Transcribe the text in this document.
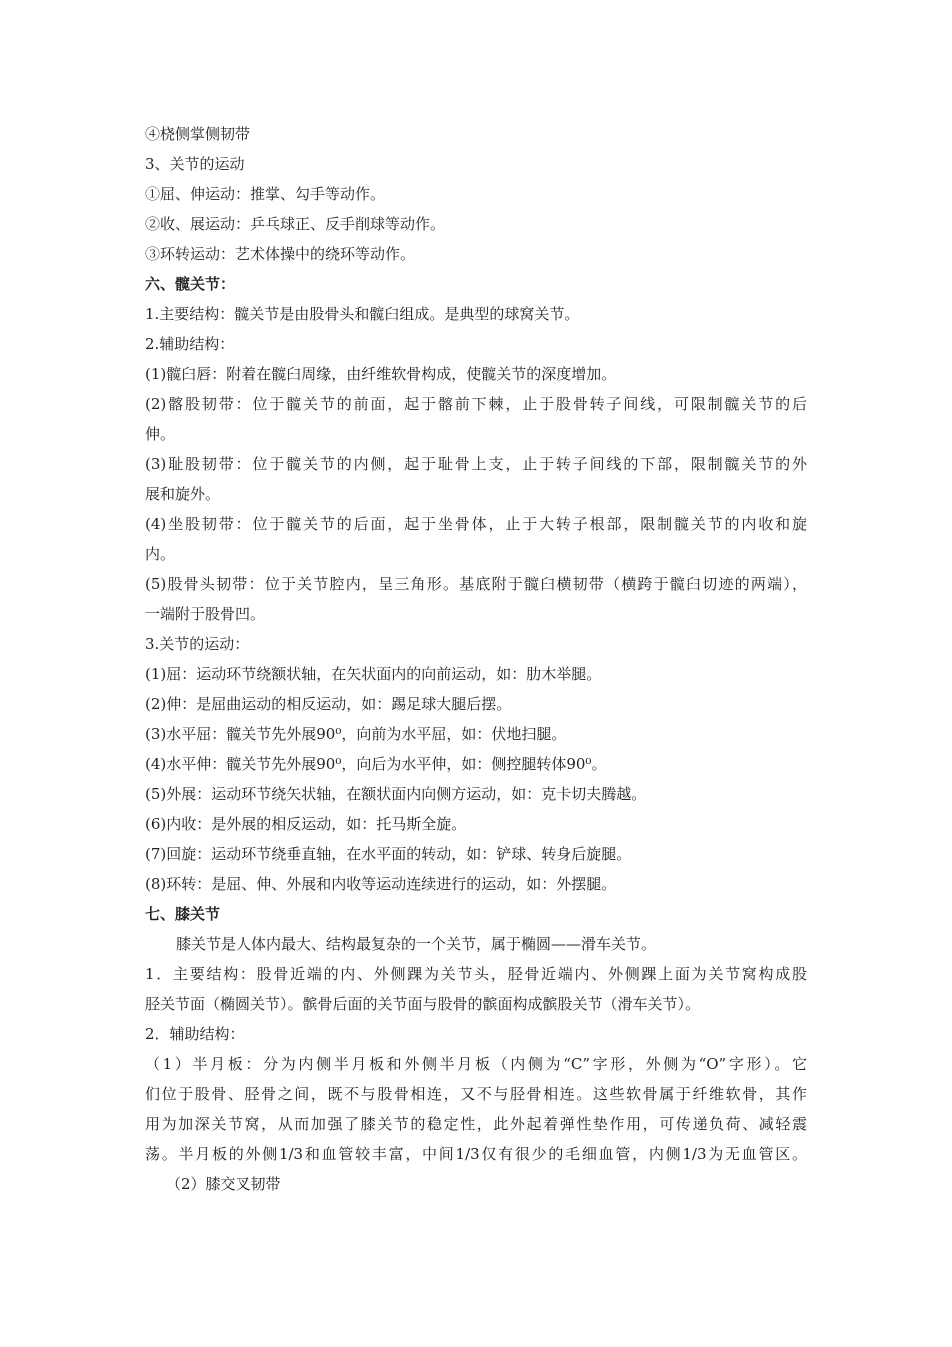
④桡侧掌侧韧带
3、关节的运动
①屈、伸运动：推掌、勾手等动作。
②收、展运动：乒乓球正、反手削球等动作。
③环转运动：艺术体操中的绕环等动作。
六、髋关节：
1.主要结构：髋关节是由股骨头和髋臼组成。是典型的球窝关节。
2.辅助结构：
(1)髋臼唇：附着在髋臼周缘，由纤维软骨构成，使髋关节的深度增加。
(2)髂股韧带：位于髋关节的前面，起于髂前下棘，止于股骨转子间线，可限制髋关节的后
伸。
(3)耻股韧带：位于髋关节的内侧，起于耻骨上支，止于转子间线的下部，限制髋关节的外
展和旋外。
(4)坐股韧带：位于髋关节的后面，起于坐骨体，止于大转子根部，限制髋关节的内收和旋
内。
(5)股骨头韧带：位于关节腔内，呈三角形。基底附于髋臼横韧带（横跨于髋臼切迹的两端），
一端附于股骨凹。
3.关节的运动：
(1)屈：运动环节绕额状轴，在矢状面内的向前运动，如：肋木举腿。
(2)伸：是屈曲运动的相反运动，如：踢足球大腿后摆。
(3)水平屈：髋关节先外展90⁰，向前为水平屈，如：伏地扫腿。
(4)水平伸：髋关节先外展90⁰，向后为水平伸，如：侧控腿转体90⁰。
(5)外展：运动环节绕矢状轴，在额状面内向侧方运动，如：克卡切夫腾越。
(6)内收：是外展的相反运动，如：托马斯全旋。
(7)回旋：运动环节绕垂直轴，在水平面的转动，如：铲球、转身后旋腿。
(8)环转：是屈、伸、外展和内收等运动连续进行的运动，如：外摆腿。
七、膝关节
膝关节是人体内最大、结构最复杂的一个关节，属于椭圆——滑车关节。
1．主要结构：股骨近端的内、外侧踝为关节头，胫骨近端内、外侧踝上面为关节窝构成股
胫关节面（椭圆关节）。髌骨后面的关节面与股骨的髌面构成髌股关节（滑车关节）。
2．辅助结构：
（1）半月板：分为内侧半月板和外侧半月板（内侧为“C”字形，外侧为“O”字形）。它
们位于股骨、胫骨之间，既不与股骨相连，又不与胫骨相连。这些软骨属于纤维软骨，其作
用为加深关节窝，从而加强了膝关节的稳定性，此外起着弹性垫作用，可传递负荷、减轻震
荡。半月板的外侧1/3和血管较丰富，中间1/3仅有很少的毛细血管，内侧1/3为无血管区。
（2）膝交叉韧带
